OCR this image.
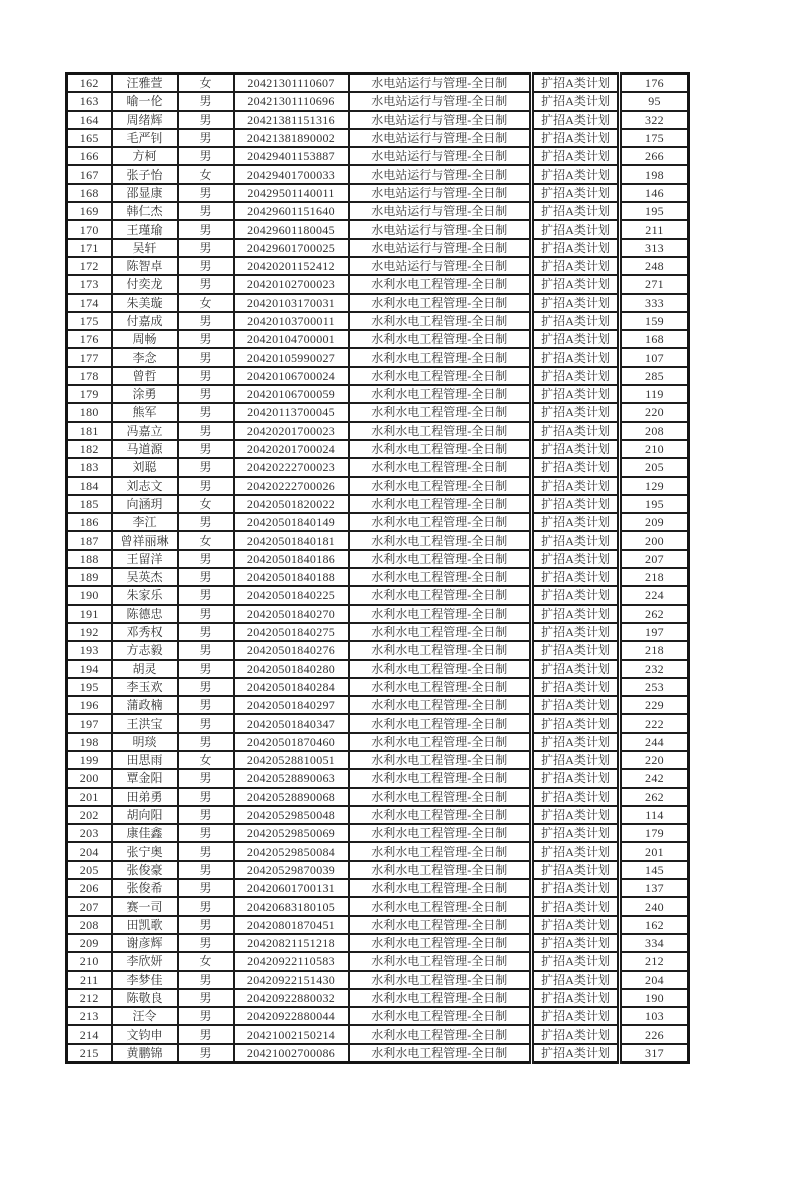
162	汪雅萱	女	20421301110607	水电站运行与管理-全日制	扩招A类计划	176
163	喻一伦	男	20421301110696	水电站运行与管理-全日制	扩招A类计划	95
164	周绪辉	男	20421381151316	水电站运行与管理-全日制	扩招A类计划	322
165	毛严钊	男	20421381890002	水电站运行与管理-全日制	扩招A类计划	175
166	方柯	男	20429401153887	水电站运行与管理-全日制	扩招A类计划	266
167	张子怡	女	20429401700033	水电站运行与管理-全日制	扩招A类计划	198
168	邵显康	男	20429501140011	水电站运行与管理-全日制	扩招A类计划	146
169	韩仁杰	男	20429601151640	水电站运行与管理-全日制	扩招A类计划	195
170	王瑾瑜	男	20429601180045	水电站运行与管理-全日制	扩招A类计划	211
171	吴轩	男	20429601700025	水电站运行与管理-全日制	扩招A类计划	313
172	陈智卓	男	20420201152412	水电站运行与管理-全日制	扩招A类计划	248
173	付奕龙	男	20420102700023	水利水电工程管理-全日制	扩招A类计划	271
174	朱美璇	女	20420103170031	水利水电工程管理-全日制	扩招A类计划	333
175	付嘉成	男	20420103700011	水利水电工程管理-全日制	扩招A类计划	159
176	周畅	男	20420104700001	水利水电工程管理-全日制	扩招A类计划	168
177	李念	男	20420105990027	水利水电工程管理-全日制	扩招A类计划	107
178	曾哲	男	20420106700024	水利水电工程管理-全日制	扩招A类计划	285
179	涂勇	男	20420106700059	水利水电工程管理-全日制	扩招A类计划	119
180	熊军	男	20420113700045	水利水电工程管理-全日制	扩招A类计划	220
181	冯嘉立	男	20420201700023	水利水电工程管理-全日制	扩招A类计划	208
182	马道源	男	20420201700024	水利水电工程管理-全日制	扩招A类计划	210
183	刘聪	男	20420222700023	水利水电工程管理-全日制	扩招A类计划	205
184	刘志文	男	20420222700026	水利水电工程管理-全日制	扩招A类计划	129
185	向涵玥	女	20420501820022	水利水电工程管理-全日制	扩招A类计划	195
186	李江	男	20420501840149	水利水电工程管理-全日制	扩招A类计划	209
187	曾祥丽琳	女	20420501840181	水利水电工程管理-全日制	扩招A类计划	200
188	王留洋	男	20420501840186	水利水电工程管理-全日制	扩招A类计划	207
189	吴英杰	男	20420501840188	水利水电工程管理-全日制	扩招A类计划	218
190	朱家乐	男	20420501840225	水利水电工程管理-全日制	扩招A类计划	224
191	陈德忠	男	20420501840270	水利水电工程管理-全日制	扩招A类计划	262
192	邓秀权	男	20420501840275	水利水电工程管理-全日制	扩招A类计划	197
193	方志毅	男	20420501840276	水利水电工程管理-全日制	扩招A类计划	218
194	胡灵	男	20420501840280	水利水电工程管理-全日制	扩招A类计划	232
195	李玉欢	男	20420501840284	水利水电工程管理-全日制	扩招A类计划	253
196	蒲政楠	男	20420501840297	水利水电工程管理-全日制	扩招A类计划	229
197	王洪宝	男	20420501840347	水利水电工程管理-全日制	扩招A类计划	222
198	明琰	男	20420501870460	水利水电工程管理-全日制	扩招A类计划	244
199	田思雨	女	20420528810051	水利水电工程管理-全日制	扩招A类计划	220
200	覃金阳	男	20420528890063	水利水电工程管理-全日制	扩招A类计划	242
201	田弟勇	男	20420528890068	水利水电工程管理-全日制	扩招A类计划	262
202	胡向阳	男	20420529850048	水利水电工程管理-全日制	扩招A类计划	114
203	康佳鑫	男	20420529850069	水利水电工程管理-全日制	扩招A类计划	179
204	张宁奥	男	20420529850084	水利水电工程管理-全日制	扩招A类计划	201
205	张俊豪	男	20420529870039	水利水电工程管理-全日制	扩招A类计划	145
206	张俊希	男	20420601700131	水利水电工程管理-全日制	扩招A类计划	137
207	赛一司	男	20420683180105	水利水电工程管理-全日制	扩招A类计划	240
208	田凯歌	男	20420801870451	水利水电工程管理-全日制	扩招A类计划	162
209	谢彦辉	男	20420821151218	水利水电工程管理-全日制	扩招A类计划	334
210	李欣妍	女	20420922110583	水利水电工程管理-全日制	扩招A类计划	212
211	李梦佳	男	20420922151430	水利水电工程管理-全日制	扩招A类计划	204
212	陈敬良	男	20420922880032	水利水电工程管理-全日制	扩招A类计划	190
213	汪令	男	20420922880044	水利水电工程管理-全日制	扩招A类计划	103
214	文钧申	男	20421002150214	水利水电工程管理-全日制	扩招A类计划	226
215	黄鹏锦	男	20421002700086	水利水电工程管理-全日制	扩招A类计划	317
